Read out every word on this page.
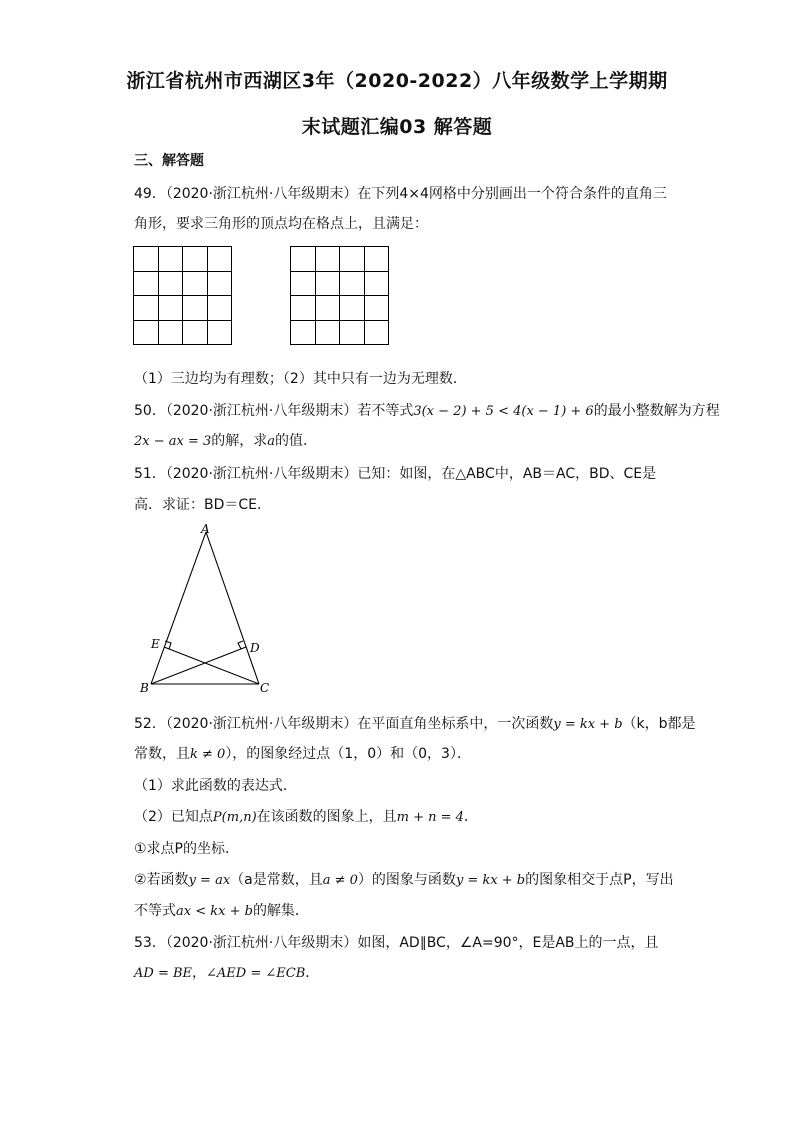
浙江省杭州市西湖区3年（2020-2022）八年级数学上学期期
末试题汇编03 解答题
三、解答题
49．（2020·浙江杭州·八年级期末）在下列4×4网格中分别画出一个符合条件的直角三
角形，要求三角形的顶点均在格点上，且满足：
（1）三边均为有理数；（2）其中只有一边为无理数．
50．（2020·浙江杭州·八年级期末）若不等式3(x − 2) + 5 < 4(x − 1) + 6的最小整数解为方程
2x − ax = 3的解，求a的值．
51．（2020·浙江杭州·八年级期末）已知：如图，在△ABC中，AB＝AC，BD、CE是
高．求证：BD＝CE．
A
B	C
D
E
52．（2020·浙江杭州·八年级期末）在平面直角坐标系中，一次函数y = kx + b（k，b都是
常数，且k ≠ 0），的图象经过点（1，0）和（0，3）．
（1）求此函数的表达式．
（2）已知点P(m,n)在该函数的图象上，且m + n = 4．
①求点P的坐标．
②若函数y = ax（a是常数，且a ≠ 0）的图象与函数y = kx + b的图象相交于点P，写出
不等式ax < kx + b的解集．
53．（2020·浙江杭州·八年级期末）如图，AD∥BC，∠A=90°，E是AB上的一点，且
AD = BE，∠AED = ∠ECB．
